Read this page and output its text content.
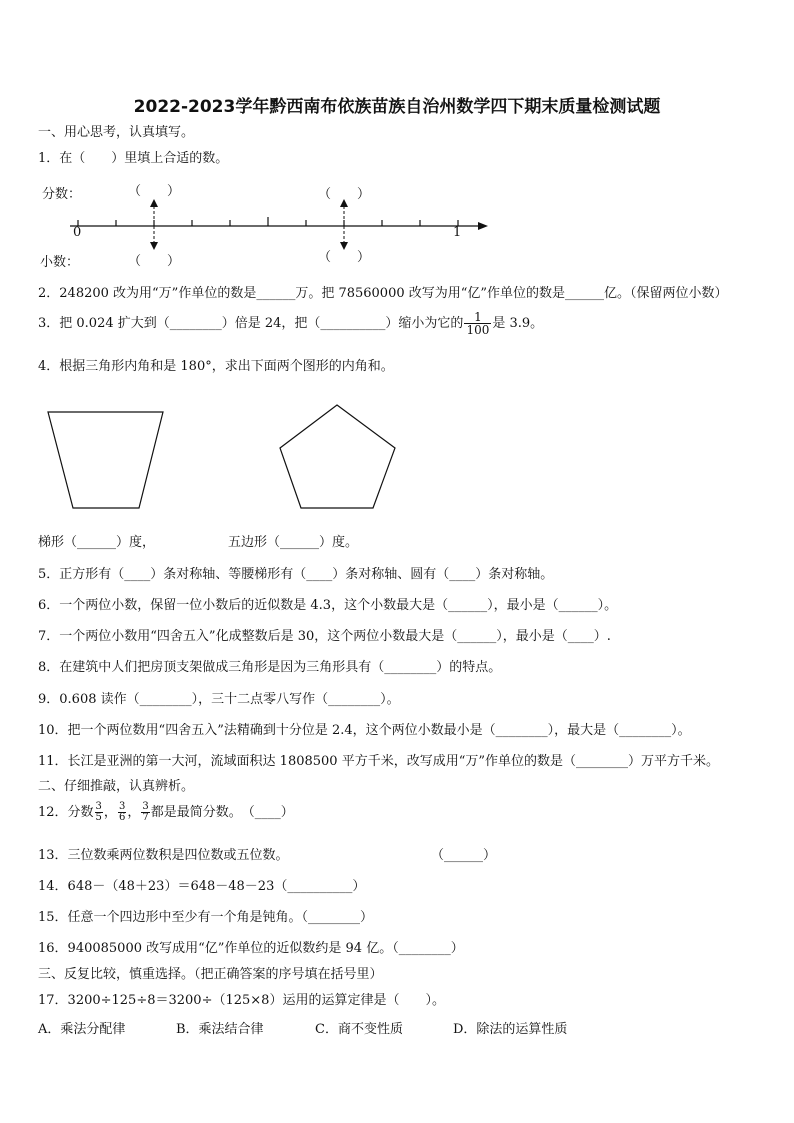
2022-2023学年黔西南布依族苗族自治州数学四下期末质量检测试题
一、用心思考，认真填写。
1．在（　　）里填上合适的数。
分数：
小数：
0	1
（　　）	（　　）
（　　）	（　　）
2．248200 改为用“万”作单位的数是______万。把 78560000 改写为用“亿”作单位的数是______亿。（保留两位小数）
3．把 0.024 扩大到（________）倍是 24，把（__________）缩小为它的 $\frac{1}{100}$ 是 3.9。
4．根据三角形内角和是 180°，求出下面两个图形的内角和。
梯形（______）度，	五边形（______）度。
5．正方形有（____）条对称轴、等腰梯形有（____）条对称轴、圆有（____）条对称轴。
6．一个两位小数，保留一位小数后的近似数是 4.3，这个小数最大是（______），最小是（______）。
7．一个两位小数用“四舍五入”化成整数后是 30，这个两位小数最大是（______），最小是（____）.
8．在建筑中人们把房顶支架做成三角形是因为三角形具有（________）的特点。
9．0.608 读作（________），三十二点零八写作（________）。
10．把一个两位数用“四舍五入”法精确到十分位是 2.4，这个两位小数最小是（________），最大是（________）。
11．长江是亚洲的第一大河，流域面积达 1808500 平方千米，改写成用“万”作单位的数是（________）万平方千米。
二、仔细推敲，认真辨析。
12．分数 $\frac{3}{5}$ ， $\frac{3}{6}$ ， $\frac{3}{7}$ 都是最简分数。　（____）
13．三位数乘两位数积是四位数或五位数。	（______）
14．648－（48＋23）＝648－48－23（__________）
15．任意一个四边形中至少有一个角是钝角。（________）
16．940085000 改写成用“亿”作单位的近似数约是 94 亿。（________）
三、反复比较，慎重选择。（把正确答案的序号填在括号里）
17．3200÷125÷8＝3200÷（125×8）运用的运算定律是（　　）。
A．乘法分配律	B．乘法结合律	C．商不变性质	D．除法的运算性质
